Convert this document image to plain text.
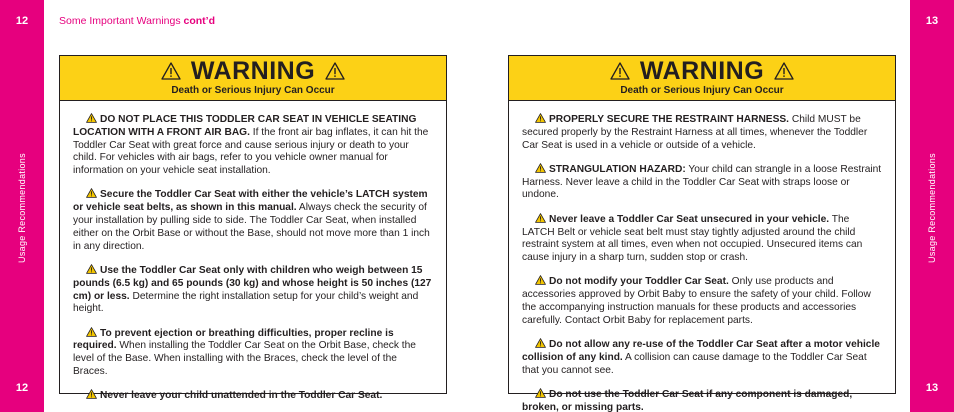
12
Usage Recommendations
12
Some Important Warnings cont’d
WARNING
Death or Serious Injury Can Occur

DO NOT PLACE THIS TODDLER CAR SEAT IN VEHICLE SEATING LOCATION WITH A FRONT AIR BAG. If the front air bag inflates, it can hit the Toddler Car Seat with great force and cause serious injury or death to your child. For vehicles with air bags, refer to you vehicle owner manual for information on your vehicle seat installation.

Secure the Toddler Car Seat with either the vehicle’s LATCH system or vehicle seat belts, as shown in this manual. Always check the security of your installation by pulling side to side. The Toddler Car Seat, when installed either on the Orbit Base or without the Base, should not move more than 1 inch in any direction.

Use the Toddler Car Seat only with children who weigh between 15 pounds (6.5 kg) and 65 pounds (30 kg) and whose height is 50 inches (127 cm) or less. Determine the right installation setup for your child’s weight and height.

To prevent ejection or breathing difficulties, proper recline is required. When installing the Toddler Car Seat on the Orbit Base, check the level of the Base. When installing with the Braces, check the level of the Braces.

Never leave your child unattended in the Toddler Car Seat.

WARNING
Death or Serious Injury Can Occur

PROPERLY SECURE THE RESTRAINT HARNESS. Child MUST be secured properly by the Restraint Harness at all times, whenever the Toddler Car Seat is used in a vehicle or outside of a vehicle.

STRANGULATION HAZARD: Your child can strangle in a loose Restraint Harness. Never leave a child in the Toddler Car Seat with straps loose or undone.

Never leave a Toddler Car Seat unsecured in your vehicle. The LATCH Belt or vehicle seat belt must stay tightly adjusted around the child restraint system at all times, even when not occupied. Unsecured items can cause injury in a sharp turn, sudden stop or crash.

Do not modify your Toddler Car Seat. Only use products and accessories approved by Orbit Baby to ensure the safety of your child. Follow the accompanying instruction manuals for these products and accessories carefully. Contact Orbit Baby for replacement parts.

Do not allow any re-use of the Toddler Car Seat after a motor vehicle collision of any kind. A collision can cause damage to the Toddler Car Seat that you cannot see.

Do not use the Toddler Car Seat if any component is damaged, broken, or missing parts.

13
Usage Recommendations
13
